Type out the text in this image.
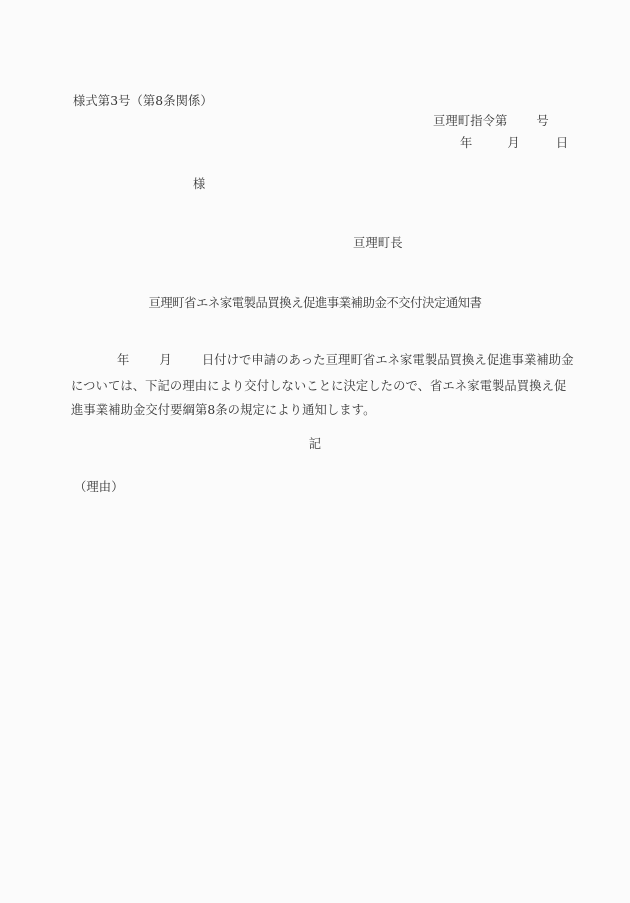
様式第3号（第8条関係）
亘理町指令第 号
年	月	日
様
亘理町長
亘理町省エネ家電製品買換え促進事業補助金不交付決定通知書
年 月 日付けで申請のあった亘理町省エネ家電製品買換え促進事業補助金
については、下記の理由により交付しないことに決定したので、省エネ家電製品買換え促
進事業補助金交付要綱第8条の規定により通知します。
記
（理由）
